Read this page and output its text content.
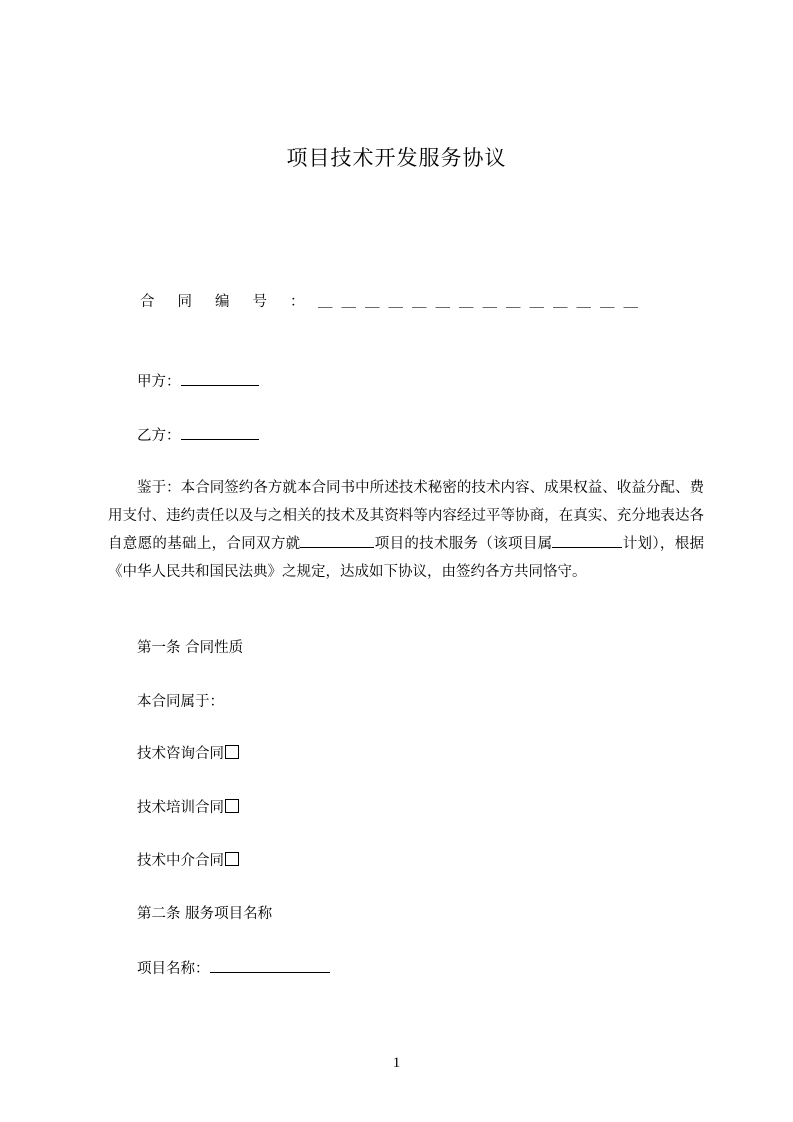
项目技术开发服务协议
合同编号：＿＿＿＿＿＿＿＿＿＿＿＿＿＿
甲方：
乙方：
鉴于：本合同签约各方就本合同书中所述技术秘密的技术内容、成果权益、收益分配、费用支付、违约责任以及与之相关的技术及其资料等内容经过平等协商，在真实、充分地表达各自意愿的基础上，合同双方就	项目的技术服务（该项目属	计划），根据《中华人民共和国民法典》之规定，达成如下协议，由签约各方共同恪守。
第一条 合同性质
本合同属于：
技术咨询合同
技术培训合同
技术中介合同
第二条 服务项目名称
项目名称：
1
